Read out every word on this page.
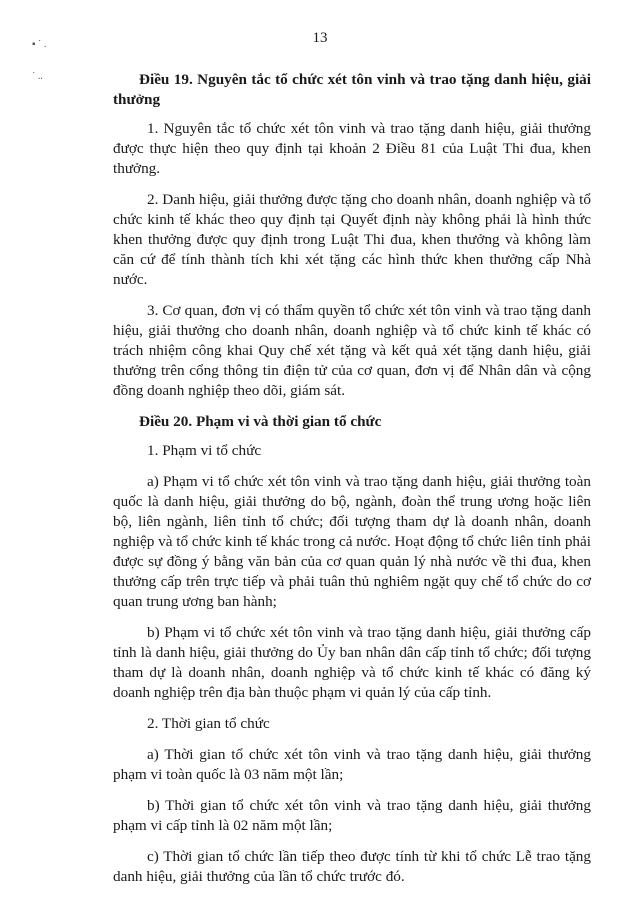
▪ ˙ .
˙ ..
13

Điều 19. Nguyên tắc tổ chức xét tôn vinh và trao tặng danh hiệu, giải thưởng

1. Nguyên tắc tổ chức xét tôn vinh và trao tặng danh hiệu, giải thưởng được thực hiện theo quy định tại khoản 2 Điều 81 của Luật Thi đua, khen thưởng.

2. Danh hiệu, giải thưởng được tặng cho doanh nhân, doanh nghiệp và tổ chức kinh tế khác theo quy định tại Quyết định này không phải là hình thức khen thưởng được quy định trong Luật Thi đua, khen thưởng và không làm căn cứ để tính thành tích khi xét tặng các hình thức khen thưởng cấp Nhà nước.

3. Cơ quan, đơn vị có thẩm quyền tổ chức xét tôn vinh và trao tặng danh hiệu, giải thưởng cho doanh nhân, doanh nghiệp và tổ chức kinh tế khác có trách nhiệm công khai Quy chế xét tặng và kết quả xét tặng danh hiệu, giải thưởng trên cổng thông tin điện tử của cơ quan, đơn vị để Nhân dân và cộng đồng doanh nghiệp theo dõi, giám sát.

Điều 20. Phạm vi và thời gian tổ chức

1. Phạm vi tổ chức

a) Phạm vi tổ chức xét tôn vinh và trao tặng danh hiệu, giải thưởng toàn quốc là danh hiệu, giải thưởng do bộ, ngành, đoàn thể trung ương hoặc liên bộ, liên ngành, liên tỉnh tổ chức; đối tượng tham dự là doanh nhân, doanh nghiệp và tổ chức kinh tế khác trong cả nước. Hoạt động tổ chức liên tỉnh phải được sự đồng ý bằng văn bản của cơ quan quản lý nhà nước về thi đua, khen thưởng cấp trên trực tiếp và phải tuân thủ nghiêm ngặt quy chế tổ chức do cơ quan trung ương ban hành;

b) Phạm vi tổ chức xét tôn vinh và trao tặng danh hiệu, giải thưởng cấp tỉnh là danh hiệu, giải thưởng do Ủy ban nhân dân cấp tỉnh tổ chức; đối tượng tham dự là doanh nhân, doanh nghiệp và tổ chức kinh tế khác có đăng ký doanh nghiệp trên địa bàn thuộc phạm vi quản lý của cấp tỉnh.

2. Thời gian tổ chức

a) Thời gian tổ chức xét tôn vinh và trao tặng danh hiệu, giải thưởng phạm vi toàn quốc là 03 năm một lần;

b) Thời gian tổ chức xét tôn vinh và trao tặng danh hiệu, giải thưởng phạm vi cấp tỉnh là 02 năm một lần;

c) Thời gian tổ chức lần tiếp theo được tính từ khi tổ chức Lễ trao tặng danh hiệu, giải thưởng của lần tổ chức trước đó.
